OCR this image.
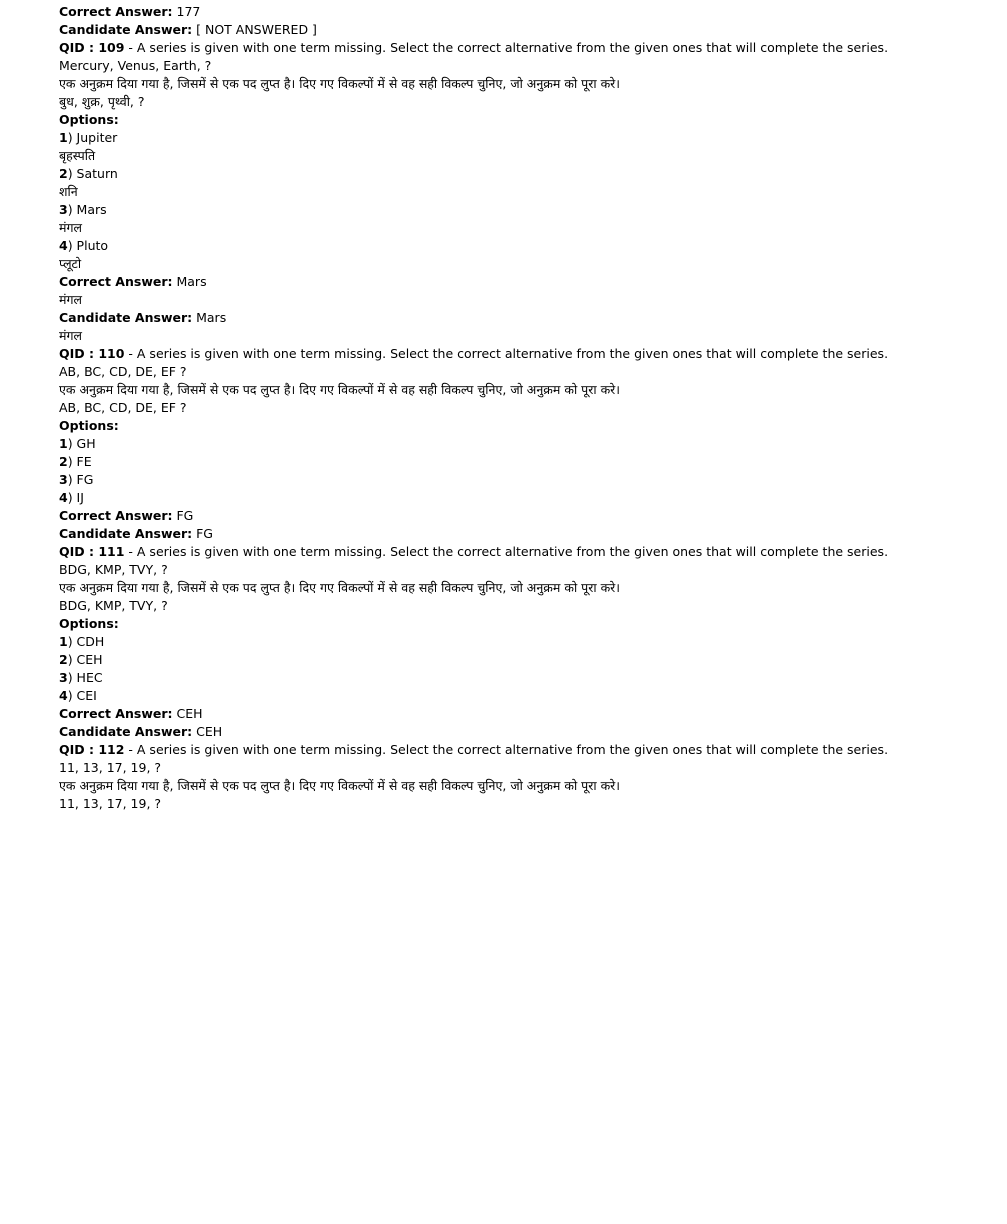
Correct Answer: 177

Candidate Answer: [ NOT ANSWERED ]

QID : 109 - A series is given with one term missing. Select the correct alternative from the given ones that will complete the series.

Mercury, Venus, Earth, ?

एक अनुक्रम दिया गया है, जिसमें से एक पद लुप्त है। दिए गए विकल्पों में से वह सही विकल्प चुनिए, जो अनुक्रम को पूरा करे।

बुध, शुक्र, पृथ्वी, ?

Options:

1) Jupiter

बृहस्पति

2) Saturn

शनि

3) Mars

मंगल

4) Pluto

प्लूटो

Correct Answer: Mars

मंगल

Candidate Answer: Mars

मंगल

QID : 110 - A series is given with one term missing. Select the correct alternative from the given ones that will complete the series.

AB, BC, CD, DE, EF ?

एक अनुक्रम दिया गया है, जिसमें से एक पद लुप्त है। दिए गए विकल्पों में से वह सही विकल्प चुनिए, जो अनुक्रम को पूरा करे।

AB, BC, CD, DE, EF ?

Options:

1) GH

2) FE

3) FG

4) IJ

Correct Answer: FG

Candidate Answer: FG

QID : 111 - A series is given with one term missing. Select the correct alternative from the given ones that will complete the series.

BDG, KMP, TVY, ?

एक अनुक्रम दिया गया है, जिसमें से एक पद लुप्त है। दिए गए विकल्पों में से वह सही विकल्प चुनिए, जो अनुक्रम को पूरा करे।

BDG, KMP, TVY, ?

Options:

1) CDH

2) CEH

3) HEC

4) CEI

Correct Answer: CEH

Candidate Answer: CEH

QID : 112 - A series is given with one term missing. Select the correct alternative from the given ones that will complete the series.

11, 13, 17, 19, ?

एक अनुक्रम दिया गया है, जिसमें से एक पद लुप्त है। दिए गए विकल्पों में से वह सही विकल्प चुनिए, जो अनुक्रम को पूरा करे।

11, 13, 17, 19, ?
